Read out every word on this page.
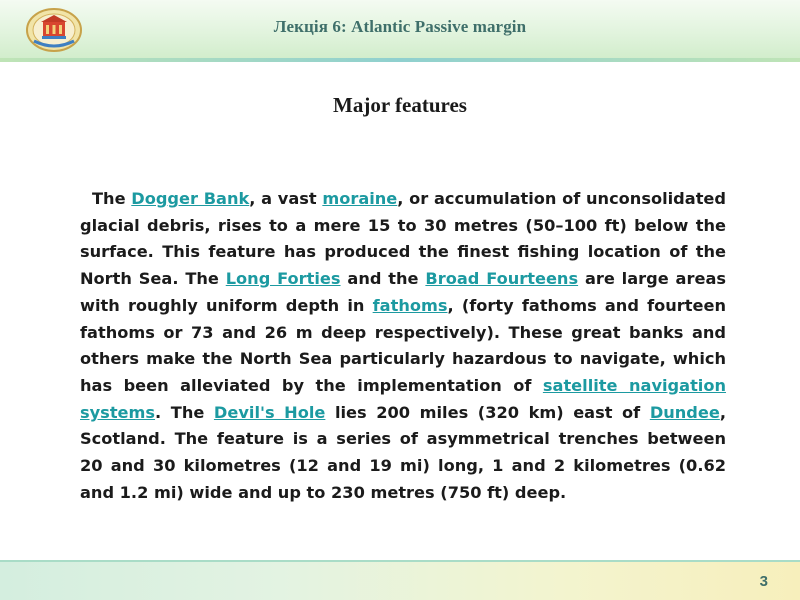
Лекція 6: Atlantic Passive margin
Major features
The Dogger Bank, a vast moraine, or accumulation of unconsolidated glacial debris, rises to a mere 15 to 30 metres (50–100 ft) below the surface. This feature has produced the finest fishing location of the North Sea. The Long Forties and the Broad Fourteens are large areas with roughly uniform depth in fathoms, (forty fathoms and fourteen fathoms or 73 and 26 m deep respectively). These great banks and others make the North Sea particularly hazardous to navigate, which has been alleviated by the implementation of satellite navigation systems. The Devil's Hole lies 200 miles (320 km) east of Dundee, Scotland. The feature is a series of asymmetrical trenches between 20 and 30 kilometres (12 and 19 mi) long, 1 and 2 kilometres (0.62 and 1.2 mi) wide and up to 230 metres (750 ft) deep.
3
